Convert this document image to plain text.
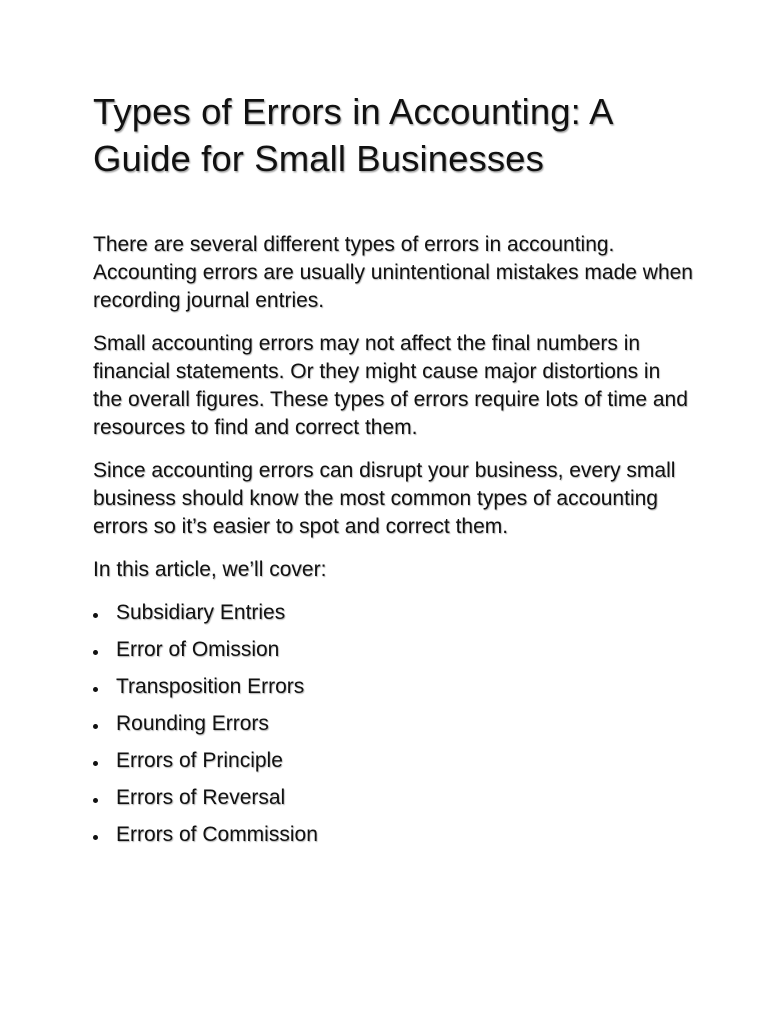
Types of Errors in Accounting: A Guide for Small Businesses

There are several different types of errors in accounting. Accounting errors are usually unintentional mistakes made when recording journal entries.

Small accounting errors may not affect the final numbers in financial statements. Or they might cause major distortions in the overall figures. These types of errors require lots of time and resources to find and correct them.

Since accounting errors can disrupt your business, every small business should know the most common types of accounting errors so it’s easier to spot and correct them.

In this article, we’ll cover:

Subsidiary Entries
Error of Omission
Transposition Errors
Rounding Errors
Errors of Principle
Errors of Reversal
Errors of Commission
